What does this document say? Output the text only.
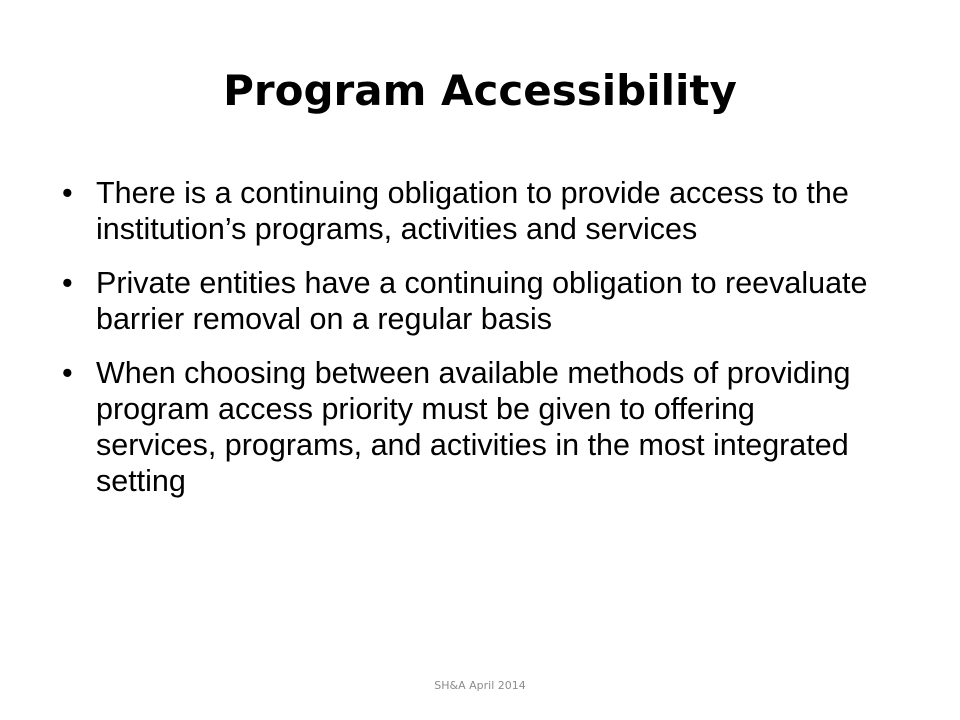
Program Accessibility
• There is a continuing obligation to provide access to the institution’s programs, activities and services
• Private entities have a continuing obligation to reevaluate barrier removal on a regular basis
• When choosing between available methods of providing program access priority must be given to offering services, programs, and activities in the most integrated setting
SH&A April 2014
